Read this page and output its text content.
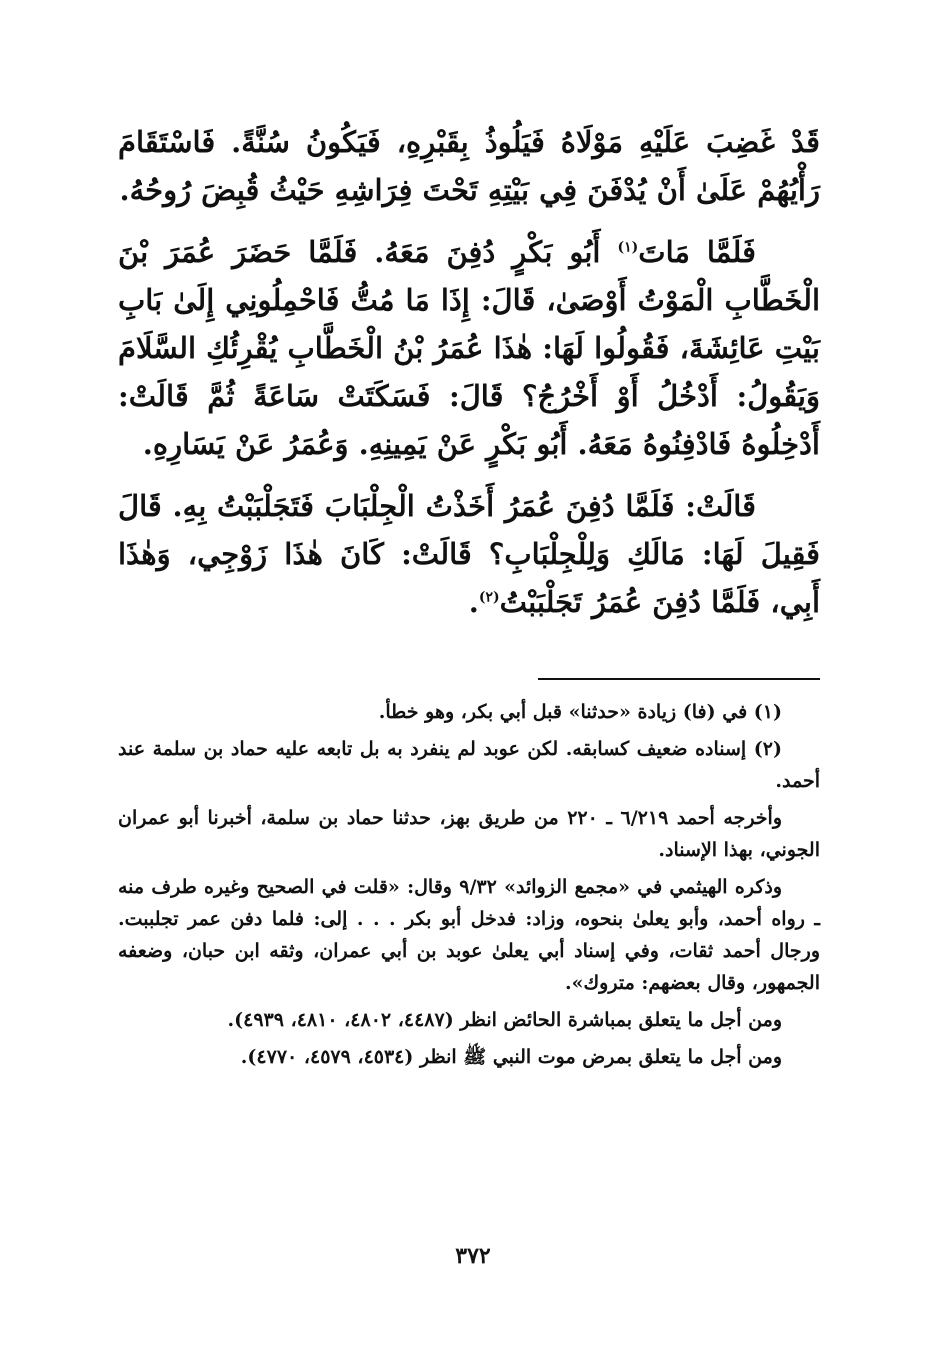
قَدْ غَضِبَ عَلَيْهِ مَوْلَاهُ فَيَلُوذُ بِقَبْرِهِ، فَيَكُونُ سُنَّةً. فَاسْتَقَامَ رَأْيُهُمْ عَلَىٰ أَنْ يُدْفَنَ فِي بَيْتِهِ تَحْتَ فِرَاشِهِ حَيْثُ قُبِضَ رُوحُهُ.

فَلَمَّا مَاتَ$^{(١)}$ أَبُو بَكْرٍ دُفِنَ مَعَهُ. فَلَمَّا حَضَرَ عُمَرَ بْنَ الْخَطَّابِ الْمَوْتُ أَوْصَىٰ، قَالَ: إِذَا مَا مُتُّ فَاحْمِلُونِي إِلَىٰ بَابِ بَيْتِ عَائِشَةَ، فَقُولُوا لَهَا: هٰذَا عُمَرُ بْنُ الْخَطَّابِ يُقْرِئُكِ السَّلَامَ وَيَقُولُ: أَدْخُلُ أَوْ أَخْرُجُ؟ قَالَ: فَسَكَتَتْ سَاعَةً ثُمَّ قَالَتْ: أَدْخِلُوهُ فَادْفِنُوهُ مَعَهُ. أَبُو بَكْرٍ عَنْ يَمِينِهِ. وَعُمَرُ عَنْ يَسَارِهِ.

قَالَتْ: فَلَمَّا دُفِنَ عُمَرُ أَخَذْتُ الْجِلْبَابَ فَتَجَلْبَبْتُ بِهِ. قَالَ فَقِيلَ لَهَا: مَالَكِ وَلِلْجِلْبَابِ؟ قَالَتْ: كَانَ هٰذَا زَوْجِي، وَهٰذَا أَبِي، فَلَمَّا دُفِنَ عُمَرُ تَجَلْبَبْتُ$^{(٢)}$.

(١) في (فا) زيادة «حدثنا» قبل أبي بكر، وهو خطأ.

(٢) إسناده ضعيف كسابقه. لكن عوبد لم ينفرد به بل تابعه عليه حماد بن سلمة عند أحمد.

وأخرجه أحمد ٦/٢١٩ ـ ٢٢٠ من طريق بهز، حدثنا حماد بن سلمة، أخبرنا أبو عمران الجوني، بهذا الإسناد.

وذكره الهيثمي في «مجمع الزوائد» ٩/٣٢ وقال: «قلت في الصحيح وغيره طرف منه ـ رواه أحمد، وأبو يعلىٰ بنحوه، وزاد: فدخل أبو بكر . . . إلى: فلما دفن عمر تجلببت. ورجال أحمد ثقات، وفي إسناد أبي يعلىٰ عوبد بن أبي عمران، وثقه ابن حبان، وضعفه الجمهور، وقال بعضهم: متروك».

ومن أجل ما يتعلق بمباشرة الحائض انظر (٤٤٨٧، ٤٨٠٢، ٤٨١٠، ٤٩٣٩).

ومن أجل ما يتعلق بمرض موت النبي ﷺ انظر (٤٥٣٤، ٤٥٧٩، ٤٧٧٠).

٣٧٢
